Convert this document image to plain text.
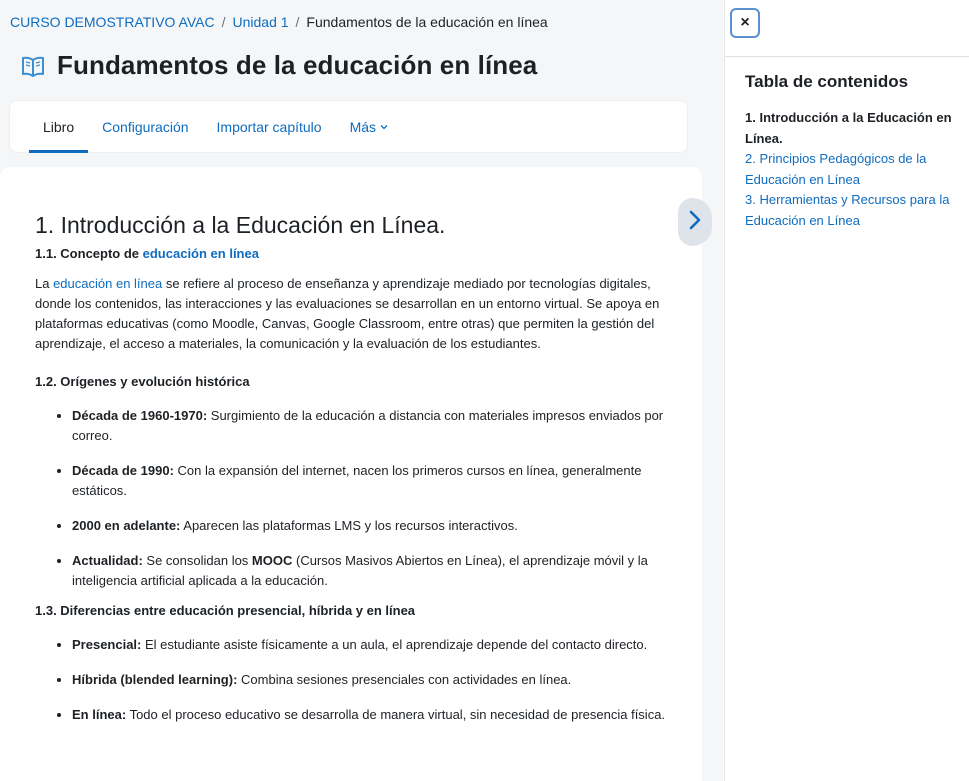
CURSO DEMOSTRATIVO AVAC / Unidad 1 / Fundamentos de la educación en línea
Fundamentos de la educación en línea
Libro Configuración Importar capítulo Más
1. Introducción a la Educación en Línea.
1.1. Concepto de educación en línea

La educación en línea se refiere al proceso de enseñanza y aprendizaje mediado por tecnologías digitales, donde los contenidos, las interacciones y las evaluaciones se desarrollan en un entorno virtual. Se apoya en plataformas educativas (como Moodle, Canvas, Google Classroom, entre otras) que permiten la gestión del aprendizaje, el acceso a materiales, la comunicación y la evaluación de los estudiantes.

1.2. Orígenes y evolución histórica
• Década de 1960-1970: Surgimiento de la educación a distancia con materiales impresos enviados por correo.
• Década de 1990: Con la expansión del internet, nacen los primeros cursos en línea, generalmente estáticos.
• 2000 en adelante: Aparecen las plataformas LMS y los recursos interactivos.
• Actualidad: Se consolidan los MOOC (Cursos Masivos Abiertos en Línea), el aprendizaje móvil y la inteligencia artificial aplicada a la educación.
1.3. Diferencias entre educación presencial, híbrida y en línea
• Presencial: El estudiante asiste físicamente a un aula, el aprendizaje depende del contacto directo.
• Híbrida (blended learning): Combina sesiones presenciales con actividades en línea.
• En línea: Todo el proceso educativo se desarrolla de manera virtual, sin necesidad de presencia física.
×
Tabla de contenidos
1. Introducción a la Educación en Línea.
2. Principios Pedagógicos de la Educación en Línea
3. Herramientas y Recursos para la Educación en Línea
